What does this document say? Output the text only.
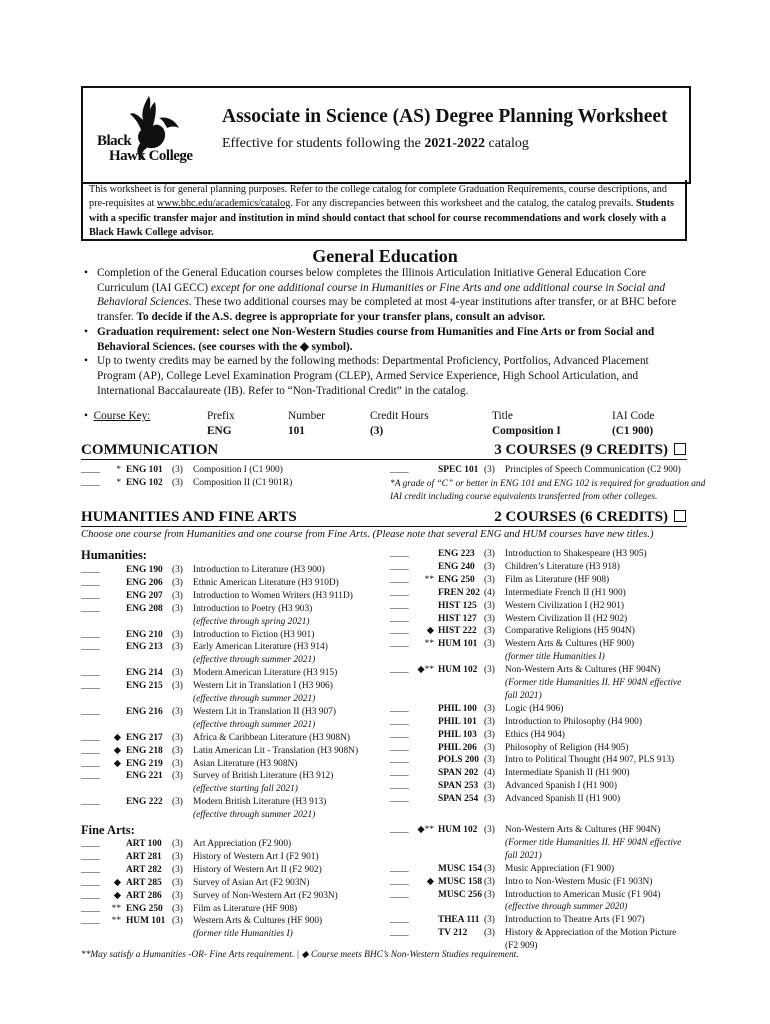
Black
Hawk College
Associate in Science (AS) Degree Planning Worksheet
Effective for students following the 2021-2022 catalog
This worksheet is for general planning purposes. Refer to the college catalog for complete Graduation Requirements, course descriptions, and pre-requisites at www.bhc.edu/academics/catalog. For any discrepancies between this worksheet and the catalog, the catalog prevails. Students with a specific transfer major and institution in mind should contact that school for course recommendations and work closely with a Black Hawk College advisor.
General Education
• Completion of the General Education courses below completes the Illinois Articulation Initiative General Education Core Curriculum (IAI GECC) except for one additional course in Humanities or Fine Arts and one additional course in Social and Behavioral Sciences. These two additional courses may be completed at most 4-year institutions after transfer, or at BHC before transfer. To decide if the A.S. degree is appropriate for your transfer plans, consult an advisor.
• Graduation requirement: select one Non-Western Studies course from Humanities and Fine Arts or from Social and Behavioral Sciences. (see courses with the ◆ symbol).
• Up to twenty credits may be earned by the following methods: Departmental Proficiency, Portfolios, Advanced Placement Program (AP), College Level Examination Program (CLEP), Armed Service Experience, High School Articulation, and International Baccalaureate (IB). Refer to “Non-Traditional Credit” in the catalog.
•  Course Key:	Prefix	Number	Credit Hours	Title	IAI Code
ENG	101	(3)	Composition I	(C1 900)
COMMUNICATION	3 COURSES (9 CREDITS)
____	* ENG 101 (3) Composition I (C1 900)
____	* ENG 102 (3) Composition II (C1 901R)
____	SPEC 101 (3) Principles of Speech Communication (C2 900)
*A grade of “C” or better in ENG 101 and ENG 102 is required for graduation and
IAI credit including course equivalents transferred from other colleges.
HUMANITIES AND FINE ARTS	2 COURSES (6 CREDITS)
Choose one course from Humanities and one course from Fine Arts. (Please note that several ENG and HUM courses have new titles.)
Humanities:
____	ENG 190 (3) Introduction to Literature (H3 900)
____	ENG 206 (3) Ethnic American Literature (H3 910D)
____	ENG 207 (3) Introduction to Women Writers (H3 911D)
____	ENG 208 (3) Introduction to Poetry (H3 903)
(effective through spring 2021)
____	ENG 210 (3) Introduction to Fiction (H3 901)
____	ENG 213 (3) Early American Literature (H3 914)
(effective through summer 2021)
____	ENG 214 (3) Modern American Literature (H3 915)
____	ENG 215 (3) Western Lit in Translation I (H3 906)
(effective through summer 2021)
____	ENG 216 (3) Western Lit in Translation II (H3 907)
(effective through summer 2021)
____	◆ ENG 217 (3) Africa & Caribbean Literature (H3 908N)
____	◆ ENG 218 (3) Latin American Lit - Translation (H3 908N)
____	◆ ENG 219 (3) Asian Literature (H3 908N)
____	ENG 221 (3) Survey of British Literature (H3 912)
(effective starting fall 2021)
____	ENG 222 (3) Modern British Literature (H3 913)
(effective through summer 2021)
Fine Arts:
____	ART 100 (3) Art Appreciation (F2 900)
____	ART 281 (3) History of Western Art I (F2 901)
____	ART 282 (3) History of Western Art II (F2 902)
____	◆ ART 285 (3) Survey of Asian Art (F2 903N)
____	◆ ART 286 (3) Survey of Non-Western Art (F2 903N)
____	** ENG 250 (3) Film as Literature (HF 908)
____	** HUM 101 (3) Western Arts & Cultures (HF 900)
(former title Humanities I)
____	ENG 223 (3) Introduction to Shakespeare (H3 905)
____	ENG 240 (3) Children’s Literature (H3 918)
____	** ENG 250 (3) Film as Literature (HF 908)
____	FREN 202 (4) Intermediate French II (H1 900)
____	HIST 125 (3) Western Civilization I (H2 901)
____	HIST 127 (3) Western Civilization II (H2 902)
____	◆ HIST 222 (3) Comparative Religions (H5 904N)
____	** HUM 101 (3) Western Arts & Cultures (HF 900)
(former title Humanities I)
____ ◆** HUM 102 (3) Non-Western Arts & Cultures (HF 904N)
(Former title Humanities II. HF 904N effective
fall 2021)
____	PHIL 100 (3) Logic (H4 906)
____	PHIL 101 (3) Introduction to Philosophy (H4 900)
____	PHIL 103 (3) Ethics (H4 904)
____	PHIL 206 (3) Philosophy of Religion (H4 905)
____	POLS 200 (3) Intro to Political Thought (H4 907, PLS 913)
____	SPAN 202 (4) Intermediate Spanish II (H1 900)
____	SPAN 253 (3) Advanced Spanish I (H1 900)
____	SPAN 254 (3) Advanced Spanish II (H1 900)
____ ◆** HUM 102 (3) Non-Western Arts & Cultures (HF 904N)
(Former title Humanities II. HF 904N effective
fall 2021)
____	MUSC 154 (3) Music Appreciation (F1 900)
____	◆ MUSC 158 (3) Intro to Non-Western Music (F1 903N)
____	MUSC 256 (3) Introduction to American Music (F1 904)
(effective through summer 2020)
____	THEA 111 (3) Introduction to Theatre Arts (F1 907)
____	TV 212 (3) History & Appreciation of the Motion Picture
(F2 909)
**May satisfy a Humanities -OR- Fine Arts requirement. | ◆ Course meets BHC’s Non-Western Studies requirement.
